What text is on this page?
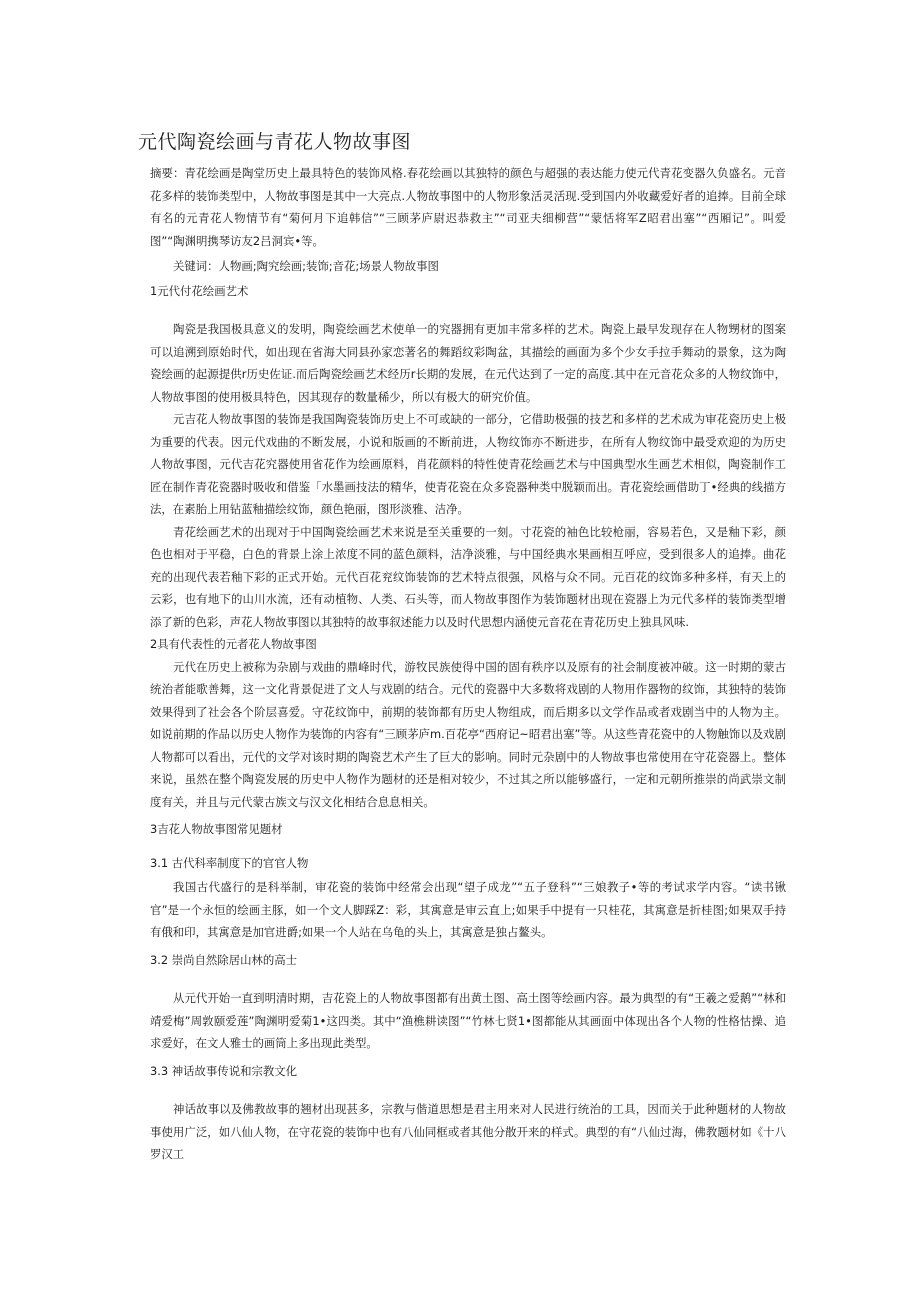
元代陶瓷绘画与青花人物故事图

摘要：青花绘画是陶堂历史上最具特色的装饰风格.春花绘画以其独特的颜色与超强的表达能力使元代青花变器久负盛名。元音花多样的装饰类型中，人物故事图是其中一大亮点.人物故事图中的人物形象活灵活现.受到国内外收藏爱好者的追捧。目前全球有名的元青花人物情节有“菊何月下追韩信”“三顾茅庐尉迟恭救主”“司亚夫细柳营”“蒙恬将军Z昭君出塞”“西厢记”。叫爱图”“陶渊明携琴访友2吕洞宾•等。

关键词：人物画;陶究绘画;装饰;音花;场景人物故事图

1元代付花绘画艺术

陶瓷是我国极具意义的发明，陶瓷绘画艺术使单一的究器拥有更加丰常多样的艺术。陶瓷上最早发现存在人物甥材的图案可以追溯到原始时代，如出现在省海大同县孙家恋著名的舞蹈纹彩陶盆，其描绘的画面为多个少女手拉手舞动的景象，这为陶瓷绘画的起源提供r历史佐证.而后陶瓷绘画艺术经历r长期的发展，在元代达到了一定的高度.其中在元音花众多的人物纹饰中，人物故事图的使用极具特色，因其现存的数量稀少，所以有极大的研究价值。

元吉花人物故事图的装饰是我国陶瓷装饰历史上不可或缺的一部分，它借助极强的技艺和多样的艺术成为审花瓷历史上极为重要的代表。因元代戏曲的不断发展，小说和版画的不断前进，人物纹饰亦不断进步，在所有人物纹饰中最受欢迎的为历史人物故事图，元代吉花究器使用省花作为绘画原料，肖花颜料的特性使青花绘画艺术与中国典型水生画艺术相似，陶瓷制作工匠在制作青花瓷器时吸收和借鉴「水墨画技法的精华，使青花瓷在众多瓷器种类中脱颖而出。青花瓷绘画借助丁•经典的线描方法，在素胎上用钻蓝釉描绘纹饰，颜色艳丽，图形淡雅、洁净。

青花绘画艺术的出现对于中国陶瓷绘画艺术来说是至关重要的一刻。寸花瓷的袖色比较枪丽，容易若色，又是釉下彩，颜色也相对于平稳，白色的背景上涂上浓度不同的蓝色颜料，洁净淡雅，与中国经典水果画相互呼应，受到很多人的追捧。曲花充的出现代表若釉下彩的正式开始。元代百花兖纹饰装饰的艺术特点很强，风格与众不同。元百花的纹饰多种多样，有天上的云彩，也有地下的山川水流，还有动植物、人类、石头等，而人物故事图作为装饰题材出现在瓷器上为元代多样的装饰类型增添了新的色彩，声花人物故事图以其独特的故事叙述能力以及时代思想内涵使元音花在青花历史上独具风味.

2具有代表性的元者花人物故事图

元代在历史上被称为杂剧与戏曲的鼎峰时代，游牧民族使得中国的固有秩序以及原有的社会制度被冲破。这一时期的蒙古统治者能歌善舞，这一文化背景促进了文人与戏剧的结合。元代的瓷器中大多数将戏剧的人物用作器物的纹饰，其独特的装饰效果得到了社会各个阶层喜爱。守花纹饰中，前期的装饰都有历史人物组成，而后期多以文学作品或者戏剧当中的人物为主。如说前期的作品以历史人物作为装饰的内容有“三顾茅庐m.百花亭“西府记~昭君出塞”等。从这些青花瓷中的人物触饰以及戏剧人物都可以看出，元代的文学对该时期的陶瓷艺术产生了巨大的影响。同时元杂剧中的人物故事也常使用在守花瓷器上。整体来说，虽然在整个陶瓷发展的历史中人物作为题材的还是相对较少，不过其之所以能够盛行，一定和元朝所推崇的尚武崇文制度有关，并且与元代蒙古族文与汉文化相结合息息相关。

3吉花人物故事图常见题材

3.1 古代科率制度下的官官人物

我国古代盛行的是科举制，审花瓷的装饰中经常会出现“望子成龙”“五子登科”“三娘教子•等的考试求学内容。“读书锹官”是一个永恒的绘画主豚，如一个文人脚踩Z：彩，其寓意是审云直上;如果手中提有一只桂花，其寓意是折桂图;如果双手持有俄和印，其寓意是加官进爵;如果一个人站在乌龟的头上，其寓意是独占鳌头。

3.2 崇尚自然除居山林的高士

从元代开始一直到明清时期，吉花瓷上的人物故事图都有出黄土图、高土图等绘画内容。最为典型的有“王羲之爱鹅”“林和靖爱梅”周敦颐爱莲”陶渊明爱菊1•这四类。其中“渔樵耕读图”“竹林七贤1•图都能从其画面中体现出各个人物的性格怙操、追求爱好，在文人雅士的画筒上多出现此类型。

3.3 神话故事传说和宗教文化

神话故事以及佛教故事的翘材出现甚多，宗教与偕道思想是君主用来对人民进行统治的工具，因而关于此种题材的人物故事使用广泛，如八仙人物，在守花瓷的装饰中也有八仙同框或者其他分散开来的样式。典型的有“八仙过海，佛教题材如《十八罗汉工
